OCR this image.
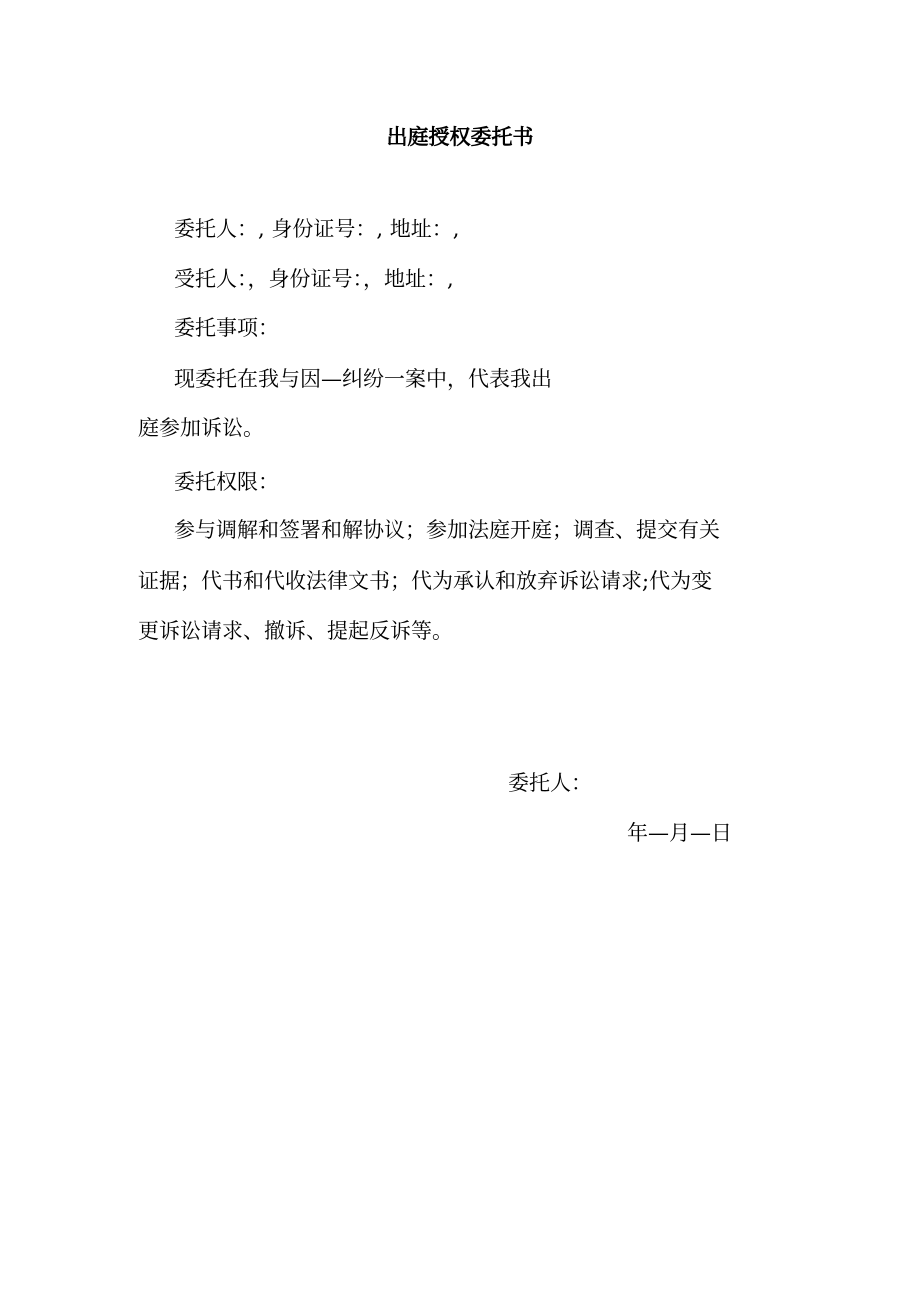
出庭授权委托书
委托人：, 身份证号：, 地址：,
受托人：，身份证号：，地址：,
委托事项：
现委托在我与因—纠纷一案中，代表我出
庭参加诉讼。
委托权限：
参与调解和签署和解协议；参加法庭开庭；调查、提交有关
证据；代书和代收法律文书；代为承认和放弃诉讼请求;代为变
更诉讼请求、撤诉、提起反诉等。
委托人：
年—月—日
